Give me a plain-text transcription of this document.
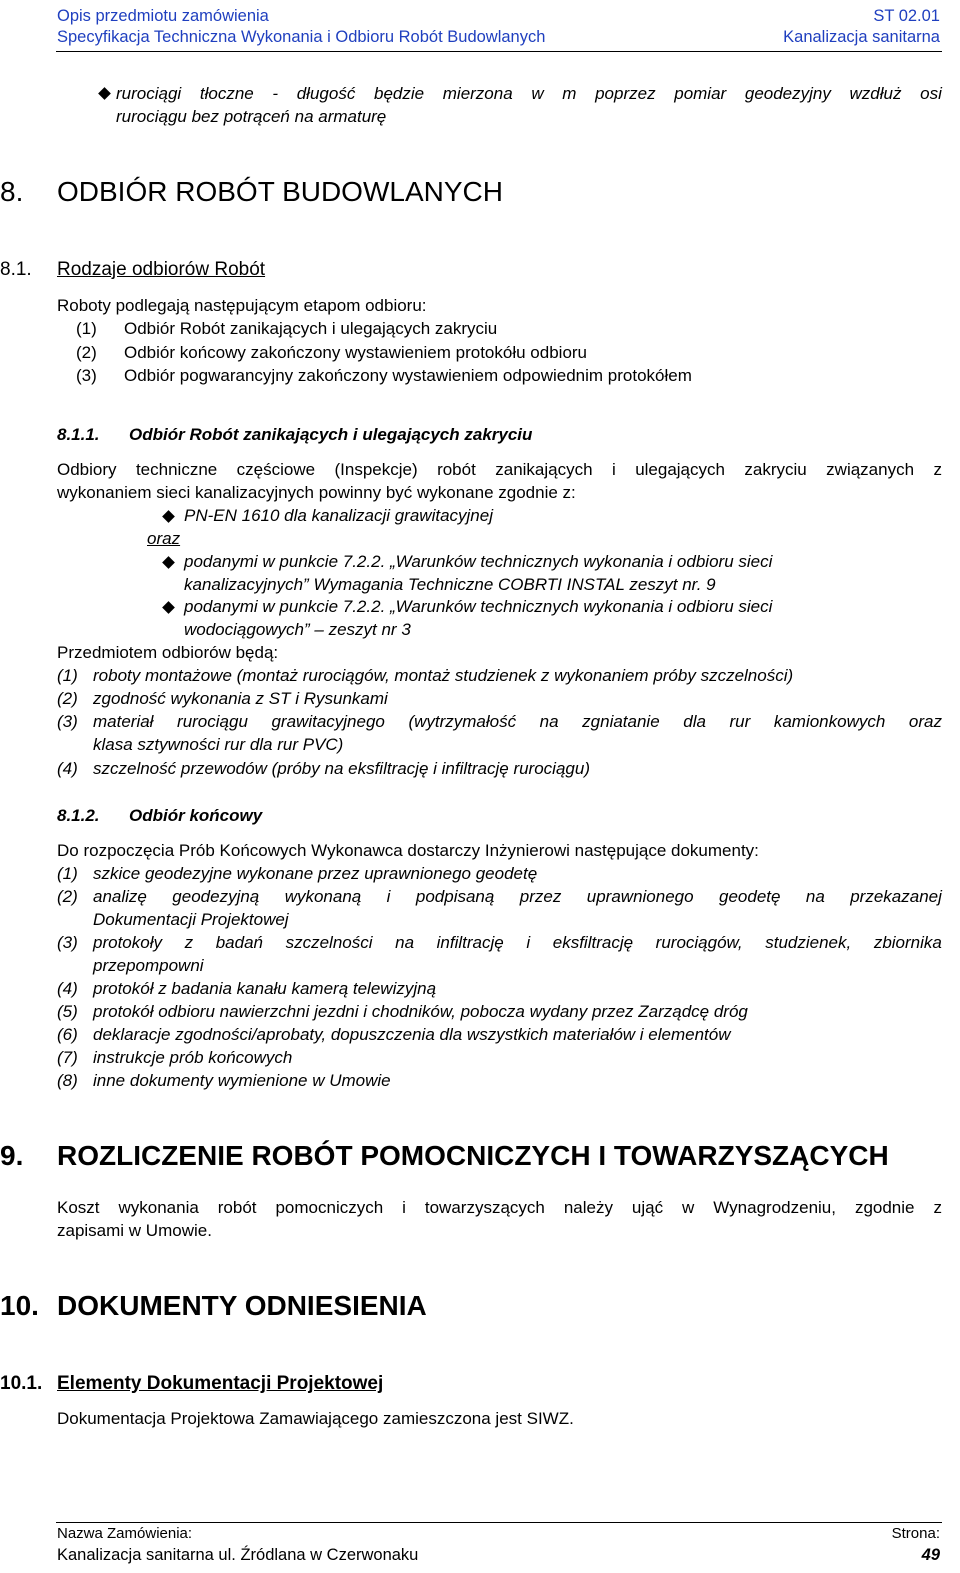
Opis przedmiotu zamówienia	ST 02.01
Specyfikacja Techniczna Wykonania i Odbioru Robót Budowlanych	Kanalizacja sanitarna
rurociągi tłoczne - długość będzie mierzona w m poprzez pomiar geodezyjny wzdłuż osi
rurociągu bez potrąceń na armaturę
8. ODBIÓR ROBÓT BUDOWLANYCH
8.1. Rodzaje odbiorów Robót
Roboty podlegają następującym etapom odbioru:
(1) Odbiór Robót zanikających i ulegających zakryciu
(2) Odbiór końcowy zakończony wystawieniem protokółu odbioru
(3) Odbiór pogwarancyjny zakończony wystawieniem odpowiednim protokółem
8.1.1. Odbiór Robót zanikających i ulegających zakryciu
Odbiory techniczne częściowe (Inspekcje) robót zanikających i ulegających zakryciu związanych z
wykonaniem sieci kanalizacyjnych powinny być wykonane zgodnie z:
PN-EN 1610 dla kanalizacji grawitacyjnej
oraz
podanymi w punkcie 7.2.2. „Warunków technicznych wykonania i odbioru sieci
kanalizacyjnych” Wymagania Techniczne COBRTI INSTAL zeszyt nr. 9
podanymi w punkcie 7.2.2. „Warunków technicznych wykonania i odbioru sieci
wodociągowych” – zeszyt nr 3
Przedmiotem odbiorów będą:
(1) roboty montażowe (montaż rurociągów, montaż studzienek z wykonaniem próby szczelności)
(2) zgodność wykonania z ST i Rysunkami
(3) materiał rurociągu grawitacyjnego (wytrzymałość na zgniatanie dla rur kamionkowych oraz
klasa sztywności rur dla rur PVC)
(4) szczelność przewodów (próby na eksfiltrację i infiltrację rurociągu)
8.1.2. Odbiór końcowy
Do rozpoczęcia Prób Końcowych Wykonawca dostarczy Inżynierowi następujące dokumenty:
(1) szkice geodezyjne wykonane przez uprawnionego geodetę
(2) analizę geodezyjną wykonaną i podpisaną przez uprawnionego geodetę na przekazanej
Dokumentacji Projektowej
(3) protokoły z badań szczelności na infiltrację i eksfiltrację rurociągów, studzienek, zbiornika
przepompowni
(4) protokół z badania kanału kamerą telewizyjną
(5) protokół odbioru nawierzchni jezdni i chodników, pobocza wydany przez Zarządcę dróg
(6) deklaracje zgodności/aprobaty, dopuszczenia dla wszystkich materiałów i elementów
(7) instrukcje prób końcowych
(8) inne dokumenty wymienione w Umowie
9. ROZLICZENIE ROBÓT POMOCNICZYCH I TOWARZYSZĄCYCH
Koszt wykonania robót pomocniczych i towarzyszących należy ująć w Wynagrodzeniu, zgodnie z
zapisami w Umowie.
10. DOKUMENTY ODNIESIENIA
10.1. Elementy Dokumentacji Projektowej
Dokumentacja Projektowa Zamawiającego zamieszczona jest SIWZ.
Nazwa Zamówienia:	Strona:
Kanalizacja sanitarna ul. Źródlana w Czerwonaku	49
